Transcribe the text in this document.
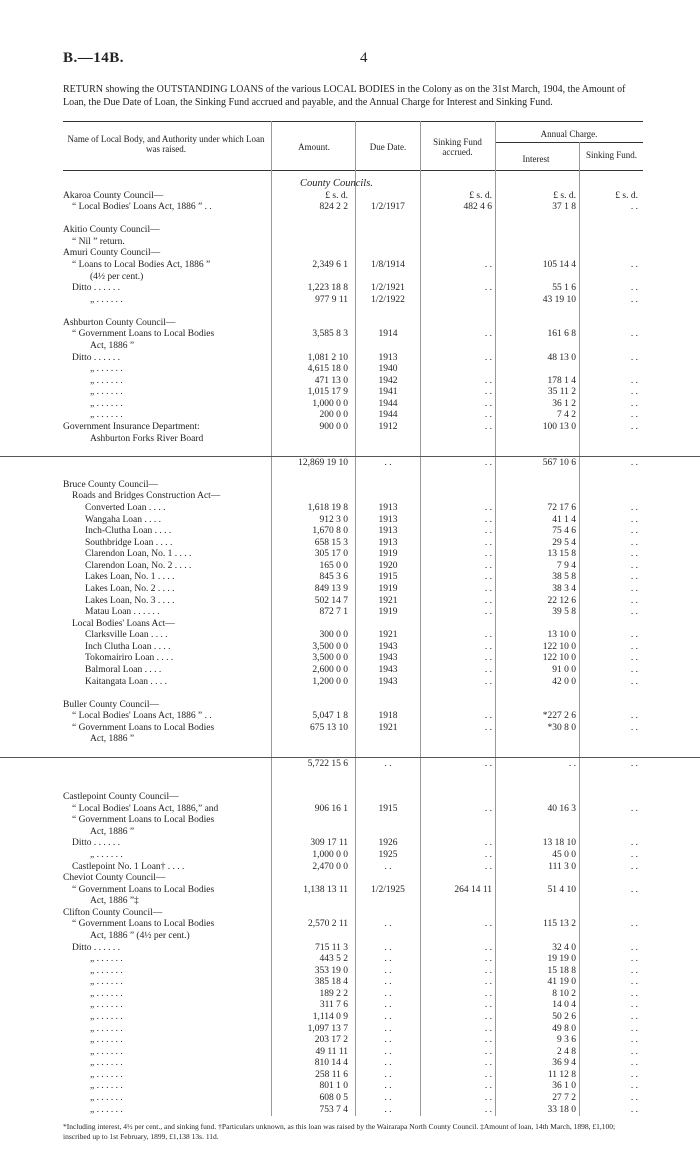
B.—14B.	4
RETURN showing the OUTSTANDING LOANS of the various LOCAL BODIES in the Colony as on the 31st March, 1904, the Amount of Loan, the Due Date of Loan, the Sinking Fund accrued and payable, and the Annual Charge for Interest and Sinking Fund.
Name of Local Body, and Authority under which Loan was raised.	Amount.	Due Date.	Sinking Fund accrued.
Annual Charge.
Interest	Sinking Fund.
County Councils.
Akaroa County Council—	£ s. d.	£ s. d.	£ s. d.	£ s. d.
“ Local Bodies' Loans Act, 1886 ” . .	824 2 2	1/2/1917	482 4 6	37 1 8	. .
Akitio County Council—
“ Nil ” return.
Amuri County Council—
“ Loans to Local Bodies Act, 1886 ”	2,349 6 1	1/8/1914	. .	105 14 4	. .
(4½ per cent.)
Ditto . . . . . .	1,223 18 8	1/2/1921	. .	55 1 6	. .
„ . . . . . .	977 9 11	1/2/1922	43 19 10	. .
Ashburton County Council—
“ Government Loans to Local Bodies	3,585 8 3	1914	. .	161 6 8	. .
Act, 1886 ”
Ditto . . . . . .	1,081 2 10	1913	. .	48 13 0	. .
„ . . . . . .	4,615 18 0	1940
„ . . . . . .	471 13 0	1942	. .	178 1 4	. .
„ . . . . . .	1,015 17 9	1941	. .	35 11 2	. .
„ . . . . . .	1,000 0 0	1944	. .	36 1 2	. .
„ . . . . . .	200 0 0	1944	. .	7 4 2	. .
Government Insurance Department:	900 0 0	1912	. .	100 13 0	. .
Ashburton Forks River Board
12,869 19 10	. .	. .	567 10 6	. .
Bruce County Council—
Roads and Bridges Construction Act—
Converted Loan . . . .	1,618 19 8	1913	. .	72 17 6	. .
Wangaha Loan . . . .	912 3 0	1913	. .	41 1 4	. .
Inch-Clutha Loan . . . .	1,670 8 0	1913	. .	75 4 6	. .
Southbridge Loan . . . .	658 15 3	1913	. .	29 5 4	. .
Clarendon Loan, No. 1 . . . .	305 17 0	1919	. .	13 15 8	. .
Clarendon Loan, No. 2 . . . .	165 0 0	1920	. .	7 9 4	. .
Lakes Loan, No. 1 . . . .	845 3 6	1915	. .	38 5 8	. .
Lakes Loan, No. 2 . . . .	849 13 9	1919	. .	38 3 4	. .
Lakes Loan, No. 3 . . . .	502 14 7	1921	. .	22 12 6	. .
Matau Loan . . . . . .	872 7 1	1919	. .	39 5 8	. .
Local Bodies' Loans Act—
Clarksville Loan . . . .	300 0 0	1921	. .	13 10 0	. .
Inch Clutha Loan . . . .	3,500 0 0	1943	. .	122 10 0	. .
Tokomairiro Loan . . . .	3,500 0 0	1943	. .	122 10 0	. .
Balmoral Loan . . . .	2,600 0 0	1943	. .	91 0 0	. .
Kaitangata Loan . . . .	1,200 0 0	1943	. .	42 0 0	. .
Buller County Council—
“ Local Bodies' Loans Act, 1886 ” . .	5,047 1 8	1918	. .	*227 2 6	. .
“ Government Loans to Local Bodies	675 13 10	1921	. .	*30 8 0	. .
Act, 1886 ”
5,722 15 6	. .	. .	. .	. .
Castlepoint County Council—
“ Local Bodies' Loans Act, 1886,” and	906 16 1	1915	. .	40 16 3	. .
“ Government Loans to Local Bodies
Act, 1886 ”
Ditto . . . . . .	309 17 11	1926	. .	13 18 10	. .
„ . . . . . .	1,000 0 0	1925	. .	45 0 0	. .
Castlepoint No. 1 Loan† . . . .	2,470 0 0	. .	. .	111 3 0	. .
Cheviot County Council—
“ Government Loans to Local Bodies	1,138 13 11	1/2/1925	264 14 11	51 4 10	. .
Act, 1886 ”‡
Clifton County Council—
“ Government Loans to Local Bodies	2,570 2 11	. .	. .	115 13 2	. .
Act, 1886 ” (4½ per cent.)
Ditto . . . . . .	715 11 3	. .	. .	32 4 0	. .
„ . . . . . .	443 5 2	. .	. .	19 19 0	. .
„ . . . . . .	353 19 0	. .	. .	15 18 8	. .
„ . . . . . .	385 18 4	. .	. .	41 19 0	. .
„ . . . . . .	189 2 2	. .	. .	8 10 2	. .
„ . . . . . .	311 7 6	. .	. .	14 0 4	. .
„ . . . . . .	1,114 0 9	. .	. .	50 2 6	. .
„ . . . . . .	1,097 13 7	. .	. .	49 8 0	. .
„ . . . . . .	203 17 2	. .	. .	9 3 6	. .
„ . . . . . .	49 11 11	. .	. .	2 4 8	. .
„ . . . . . .	810 14 4	. .	. .	36 9 4	. .
„ . . . . . .	258 11 6	. .	. .	11 12 8	. .
„ . . . . . .	801 1 0	. .	. .	36 1 0	. .
„ . . . . . .	608 0 5	. .	. .	27 7 2	. .
„ . . . . . .	753 7 4	. .	. .	33 18 0	. .
*Including interest, 4½ per cent., and sinking fund. †Particulars unknown, as this loan was raised by the Wairarapa North County Council. ‡Amount of loan, 14th March, 1898, £1,100; inscribed up to 1st February, 1899, £1,138 13s. 11d.
